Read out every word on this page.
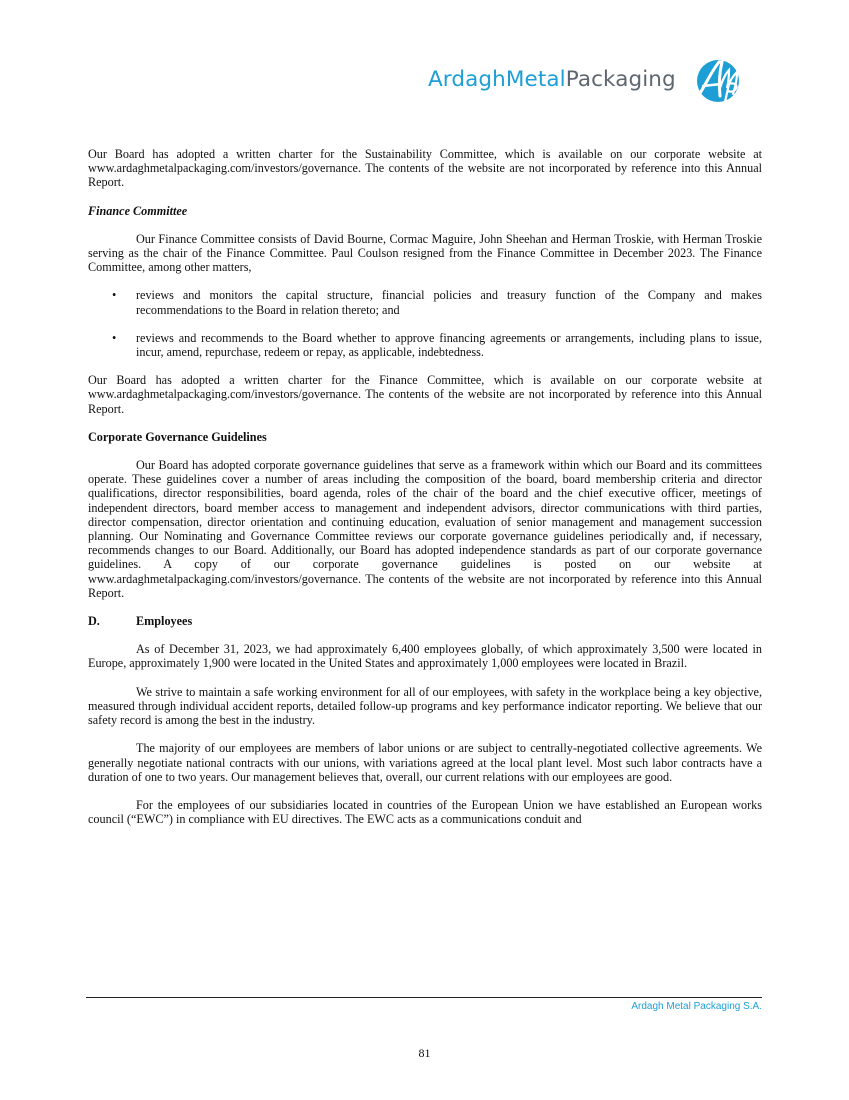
ArdaghMetalPackaging

Our Board has adopted a written charter for the Sustainability Committee, which is available on our corporate website at www.ardaghmetalpackaging.com/investors/governance. The contents of the website are not incorporated by reference into this Annual Report.

Finance Committee

Our Finance Committee consists of David Bourne, Cormac Maguire, John Sheehan and Herman Troskie, with Herman Troskie serving as the chair of the Finance Committee. Paul Coulson resigned from the Finance Committee in December 2023. The Finance Committee, among other matters,

• reviews and monitors the capital structure, financial policies and treasury function of the Company and makes recommendations to the Board in relation thereto; and
• reviews and recommends to the Board whether to approve financing agreements or arrangements, including plans to issue, incur, amend, repurchase, redeem or repay, as applicable, indebtedness.

Our Board has adopted a written charter for the Finance Committee, which is available on our corporate website at www.ardaghmetalpackaging.com/investors/governance. The contents of the website are not incorporated by reference into this Annual Report.

Corporate Governance Guidelines

Our Board has adopted corporate governance guidelines that serve as a framework within which our Board and its committees operate. These guidelines cover a number of areas including the composition of the board, board membership criteria and director qualifications, director responsibilities, board agenda, roles of the chair of the board and the chief executive officer, meetings of independent directors, board member access to management and independent advisors, director communications with third parties, director compensation, director orientation and continuing education, evaluation of senior management and management succession planning. Our Nominating and Governance Committee reviews our corporate governance guidelines periodically and, if necessary, recommends changes to our Board. Additionally, our Board has adopted independence standards as part of our corporate governance guidelines. A copy of our corporate governance guidelines is posted on our website at www.ardaghmetalpackaging.com/investors/governance. The contents of the website are not incorporated by reference into this Annual Report.

D.	Employees

As of December 31, 2023, we had approximately 6,400 employees globally, of which approximately 3,500 were located in Europe, approximately 1,900 were located in the United States and approximately 1,000 employees were located in Brazil.

We strive to maintain a safe working environment for all of our employees, with safety in the workplace being a key objective, measured through individual accident reports, detailed follow-up programs and key performance indicator reporting. We believe that our safety record is among the best in the industry.

The majority of our employees are members of labor unions or are subject to centrally-negotiated collective agreements. We generally negotiate national contracts with our unions, with variations agreed at the local plant level. Most such labor contracts have a duration of one to two years. Our management believes that, overall, our current relations with our employees are good.

For the employees of our subsidiaries located in countries of the European Union we have established an European works council (“EWC”) in compliance with EU directives. The EWC acts as a communications conduit and

Ardagh Metal Packaging S.A.
81
